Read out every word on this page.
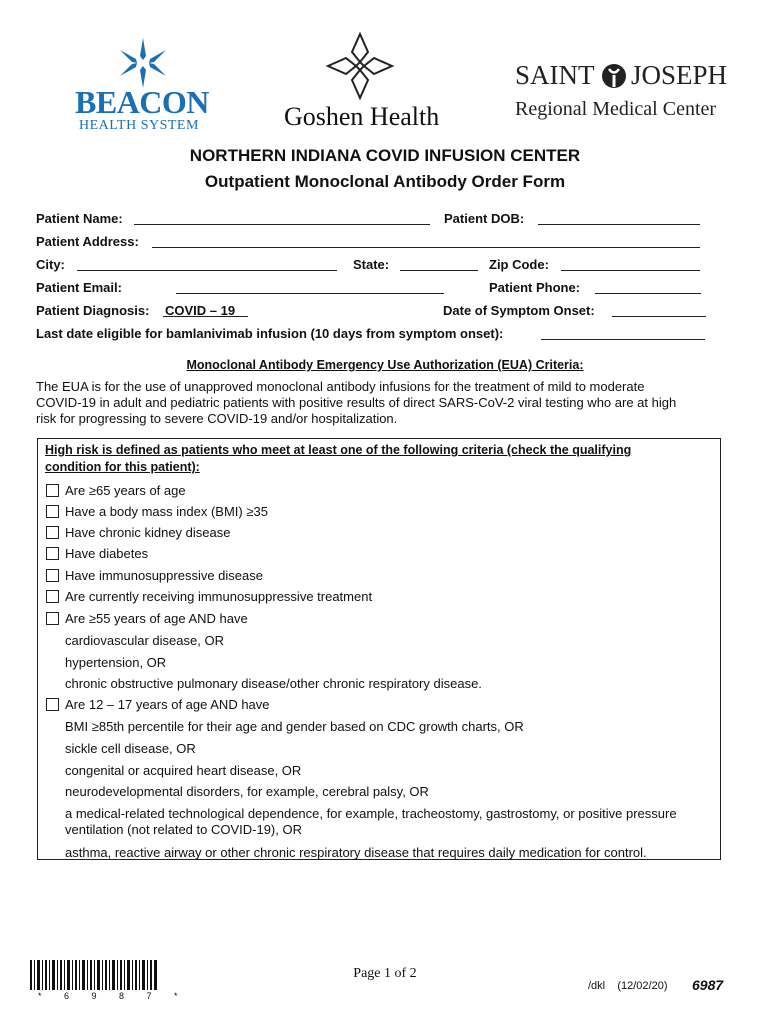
BEACON
HEALTH SYSTEM	Goshen Health
SAINT JOSEPH
Regional Medical Center
NORTHERN INDIANA COVID INFUSION CENTER
Outpatient Monoclonal Antibody Order Form
Patient Name:	Patient DOB:
Patient Address:
City:	State:	Zip Code:
Patient Email:	Patient Phone:
Patient Diagnosis: COVID – 19	Date of Symptom Onset:
Last date eligible for bamlanivimab infusion (10 days from symptom onset):
Monoclonal Antibody Emergency Use Authorization (EUA) Criteria:
The EUA is for the use of unapproved monoclonal antibody infusions for the treatment of mild to moderate
COVID-19 in adult and pediatric patients with positive results of direct SARS-CoV-2 viral testing who are at high
risk for progressing to severe COVID-19 and/or hospitalization.
High risk is defined as patients who meet at least one of the following criteria (check the qualifying
condition for this patient):
Are ≥65 years of age
Have a body mass index (BMI) ≥35
Have chronic kidney disease
Have diabetes
Have immunosuppressive disease
Are currently receiving immunosuppressive treatment
Are ≥55 years of age AND have
cardiovascular disease, OR
hypertension, OR
chronic obstructive pulmonary disease/other chronic respiratory disease.
Are 12 – 17 years of age AND have
BMI ≥85th percentile for their age and gender based on CDC growth charts, OR
sickle cell disease, OR
congenital or acquired heart disease, OR
neurodevelopmental disorders, for example, cerebral palsy, OR
a medical-related technological dependence, for example, tracheostomy, gastrostomy, or positive pressure
ventilation (not related to COVID-19), OR
asthma, reactive airway or other chronic respiratory disease that requires daily medication for control.
* 6 9 8 7 *
Page 1 of 2
/dkl    (12/02/20) 6987
